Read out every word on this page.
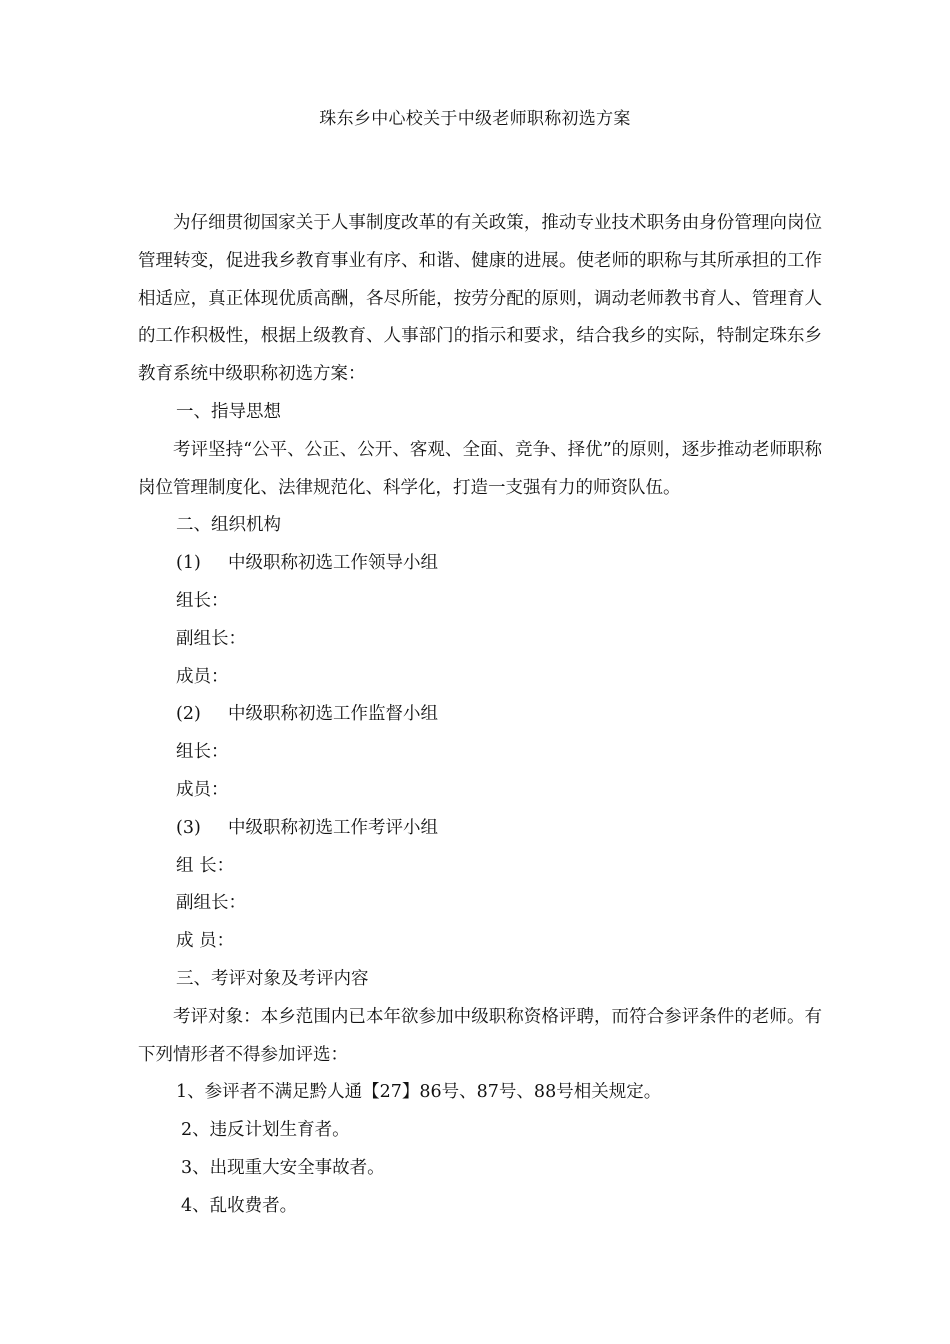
珠东乡中心校关于中级老师职称初选方案

为仔细贯彻国家关于人事制度改革的有关政策，推动专业技术职务由身份管理向岗位管理转变，促进我乡教育事业有序、和谐、健康的进展。使老师的职称与其所承担的工作相适应，真正体现优质高酬，各尽所能，按劳分配的原则，调动老师教书育人、管理育人的工作积极性，根据上级教育、人事部门的指示和要求，结合我乡的实际，特制定珠东乡教育系统中级职称初选方案：

一、指导思想

考评坚持“公平、公正、公开、客观、全面、竞争、择优”的原则，逐步推动老师职称岗位管理制度化、法律规范化、科学化，打造一支强有力的师资队伍。

二、组织机构

(1) 中级职称初选工作领导小组

组长：

副组长：

成员：

(2) 中级职称初选工作监督小组

组长：

成员：

(3) 中级职称初选工作考评小组

组 长：

副组长：

成 员：

三、考评对象及考评内容

考评对象：本乡范围内已本年欲参加中级职称资格评聘，而符合参评条件的老师。有下列情形者不得参加评选：

1、参评者不满足黔人通【27】86号、87号、88号相关规定。

2、违反计划生育者。

3、出现重大安全事故者。

4、乱收费者。
